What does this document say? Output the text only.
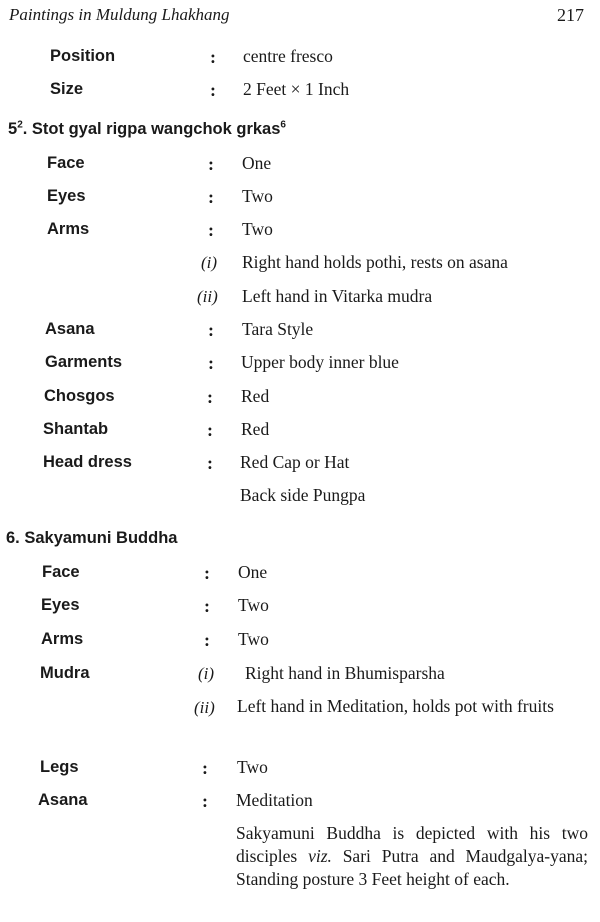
Paintings in Muldung Lhakhang	217
Position	: centre fresco
Size	: 2 Feet × 1 Inch
$5^2$. Stot gyal rigpa wangchok grkas$^6$
Face	: One
Eyes	: Two
Arms	: Two
(i) Right hand holds pothi, rests on asana
(ii) Left hand in Vitarka mudra
Asana	: Tara Style
Garments	: Upper body inner blue
Chosgos	: Red
Shantab	: Red
Head dress	: Red Cap or Hat
Back side Pungpa
6. Sakyamuni Buddha
Face	: One
Eyes	: Two
Arms	: Two
Mudra	(i) Right hand in Bhumisparsha
(ii) Left hand in Meditation, holds pot with fruits
Legs	: Two
Asana	: Meditation
Sakyamuni Buddha is depicted with his two disciples viz. Sari Putra and Maudgalya-yana; Standing posture 3 Feet height of each.
